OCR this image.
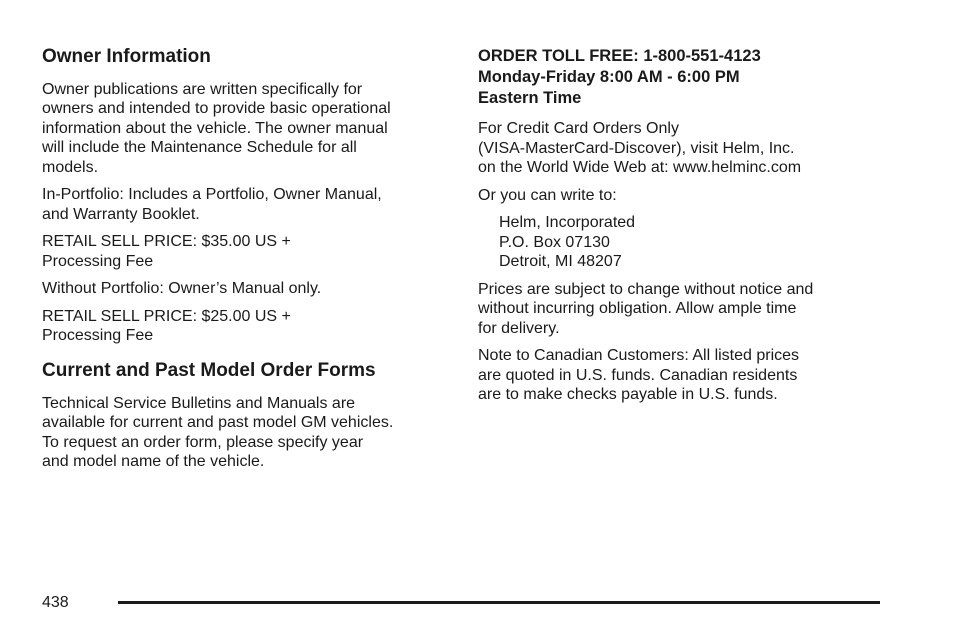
Owner Information

Owner publications are written specifically for
owners and intended to provide basic operational
information about the vehicle. The owner manual
will include the Maintenance Schedule for all
models.

In-Portfolio: Includes a Portfolio, Owner Manual,
and Warranty Booklet.

RETAIL SELL PRICE: $35.00 US +
Processing Fee

Without Portfolio: Owner’s Manual only.

RETAIL SELL PRICE: $25.00 US +
Processing Fee

Current and Past Model Order Forms

Technical Service Bulletins and Manuals are
available for current and past model GM vehicles.
To request an order form, please specify year
and model name of the vehicle.

ORDER TOLL FREE: 1-800-551-4123
Monday-Friday 8:00 AM - 6:00 PM
Eastern Time

For Credit Card Orders Only
(VISA-MasterCard-Discover), visit Helm, Inc.
on the World Wide Web at: www.helminc.com

Or you can write to:

Helm, Incorporated
P.O. Box 07130
Detroit, MI 48207

Prices are subject to change without notice and
without incurring obligation. Allow ample time
for delivery.

Note to Canadian Customers: All listed prices
are quoted in U.S. funds. Canadian residents
are to make checks payable in U.S. funds.

438
